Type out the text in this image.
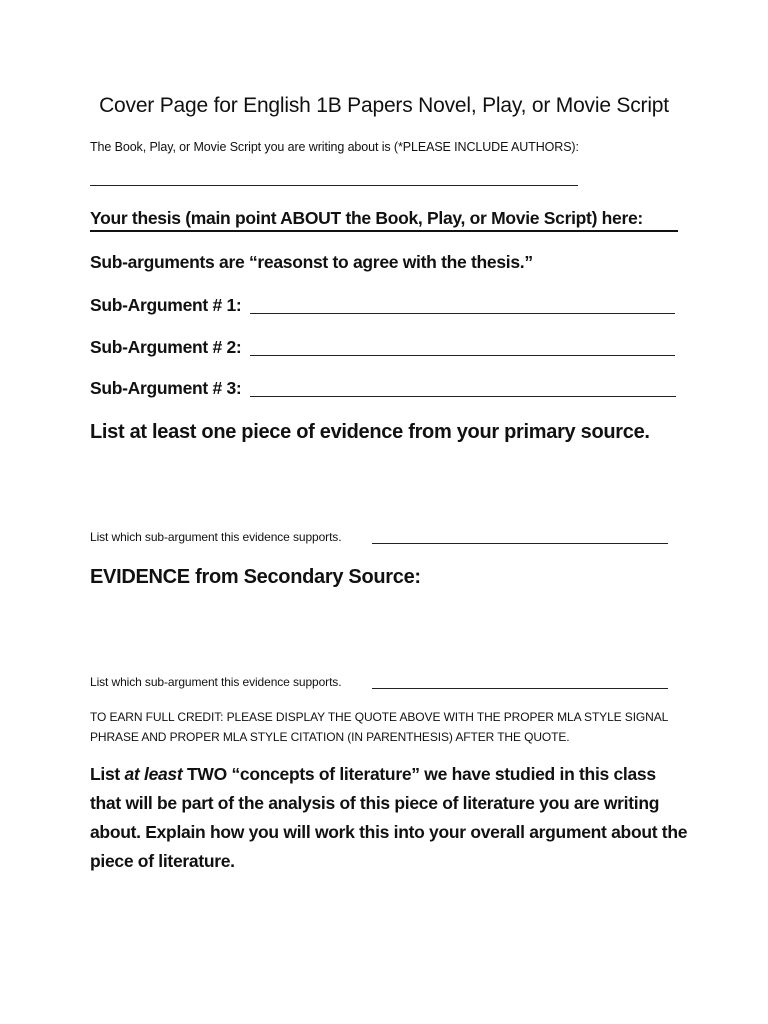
Cover Page for English 1B Papers Novel, Play, or Movie Script
The Book, Play, or Movie Script you are writing about is (*PLEASE INCLUDE AUTHORS):
Your thesis (main point ABOUT the Book, Play, or Movie Script) here:
Sub-arguments are “reasonst to agree with the thesis.”
Sub-Argument # 1:
Sub-Argument # 2:
Sub-Argument # 3:
List at least one piece of evidence from your primary source.
List which sub-argument this evidence supports.
EVIDENCE from Secondary Source:
List which sub-argument this evidence supports.
TO EARN FULL CREDIT: PLEASE DISPLAY THE QUOTE ABOVE WITH THE PROPER MLA STYLE SIGNAL PHRASE AND PROPER MLA STYLE CITATION (IN PARENTHESIS) AFTER THE QUOTE.
List at least TWO “concepts of literature” we have studied in this class that will be part of the analysis of this piece of literature you are writing about. Explain how you will work this into your overall argument about the piece of literature.
